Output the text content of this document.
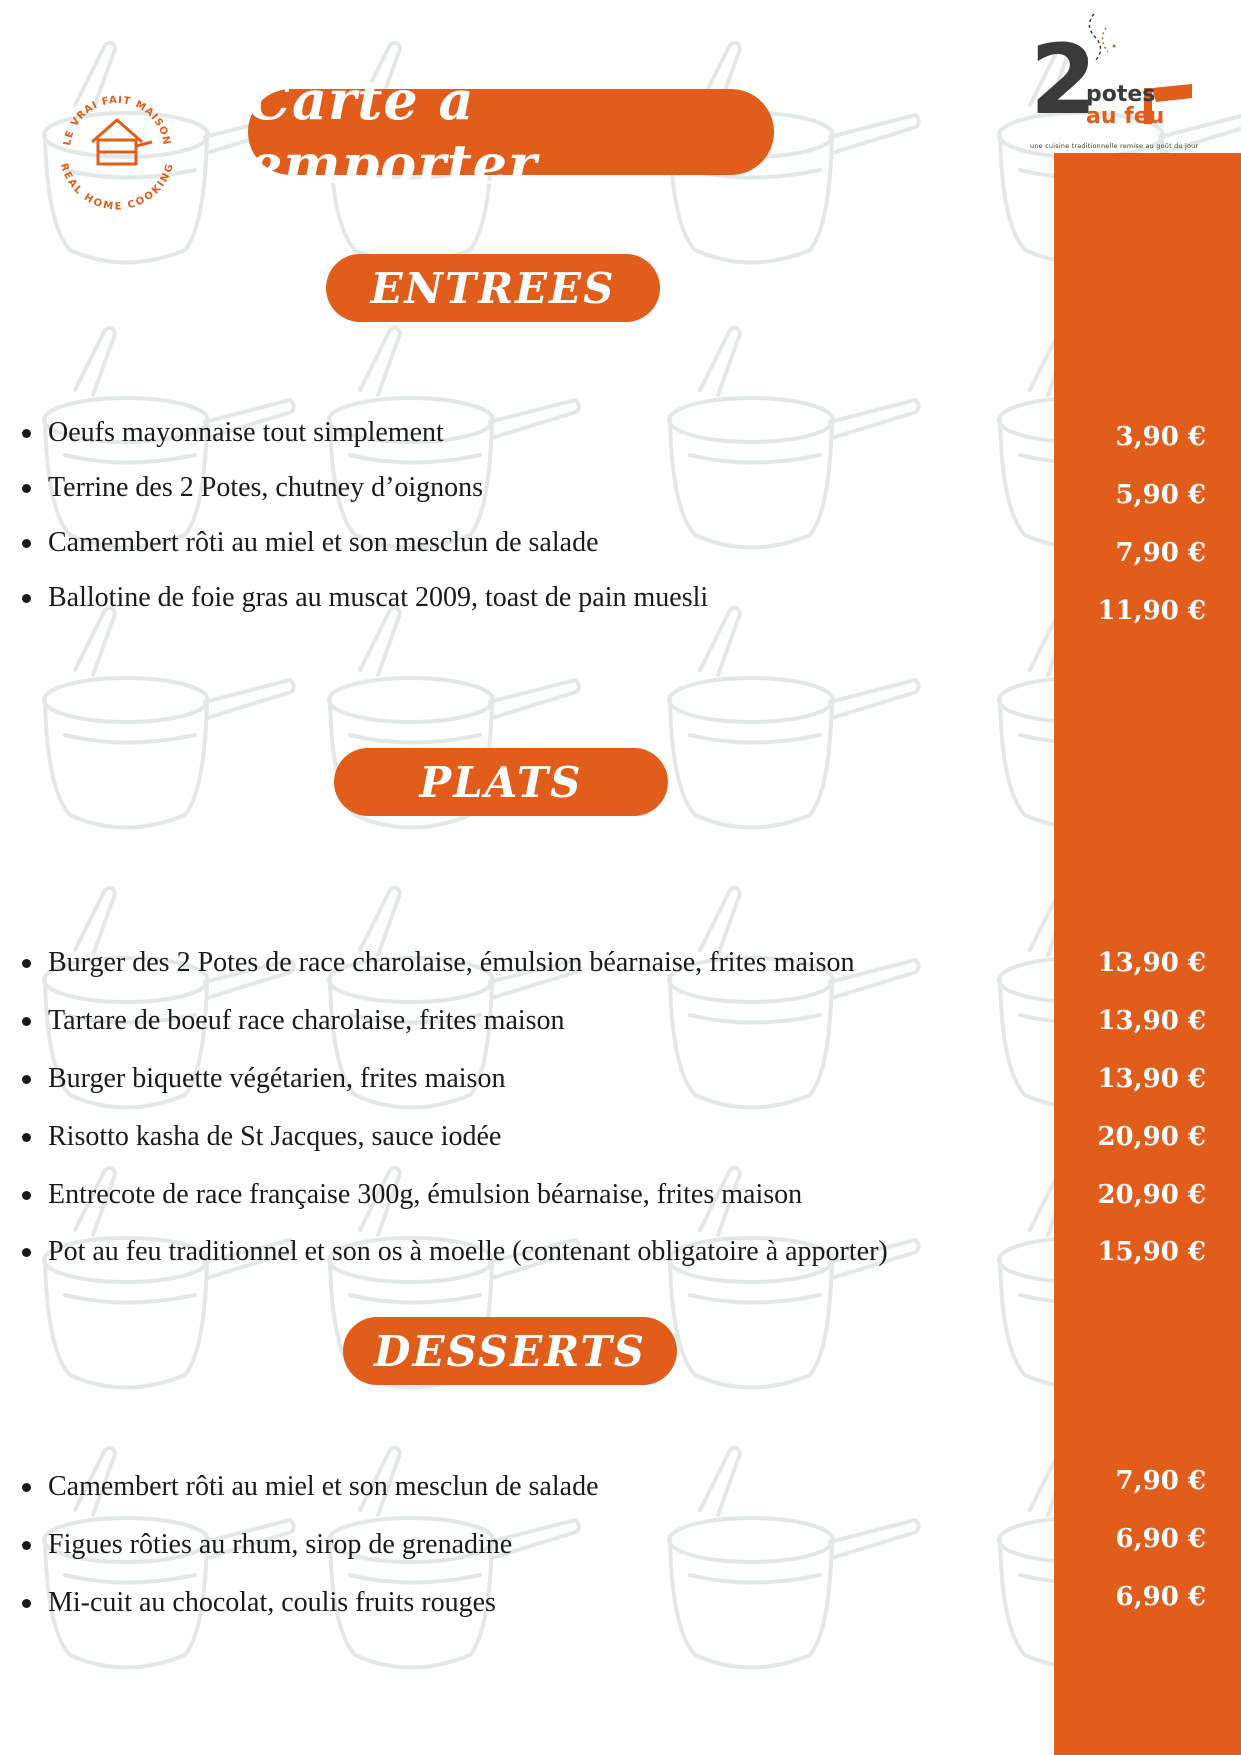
LE VRAI FAIT MAISON
REAL HOME COOKING
2
potes
au feu
une cuisine traditionnelle remise au goût du jour
Carte a emporter
ENTREES
PLATS
DESSERTS
Oeufs mayonnaise tout simplement	3,90 €
Terrine des 2 Potes, chutney d’oignons	5,90 €
Camembert rôti au miel et son mesclun de salade	7,90 €
Ballotine de foie gras au muscat 2009, toast de pain muesli	11,90 €
Burger des 2 Potes de race charolaise, émulsion béarnaise, frites maison	13,90 €
Tartare de boeuf race charolaise, frites maison	13,90 €
Burger biquette végétarien, frites maison	13,90 €
Risotto kasha de St Jacques, sauce iodée	20,90 €
Entrecote de race française 300g, émulsion béarnaise, frites maison	20,90 €
Pot au feu traditionnel et son os à moelle (contenant obligatoire à apporter)	15,90 €
Camembert rôti au miel et son mesclun de salade	7,90 €
Figues rôties au rhum, sirop de grenadine	6,90 €
Mi-cuit au chocolat, coulis fruits rouges	6,90 €
